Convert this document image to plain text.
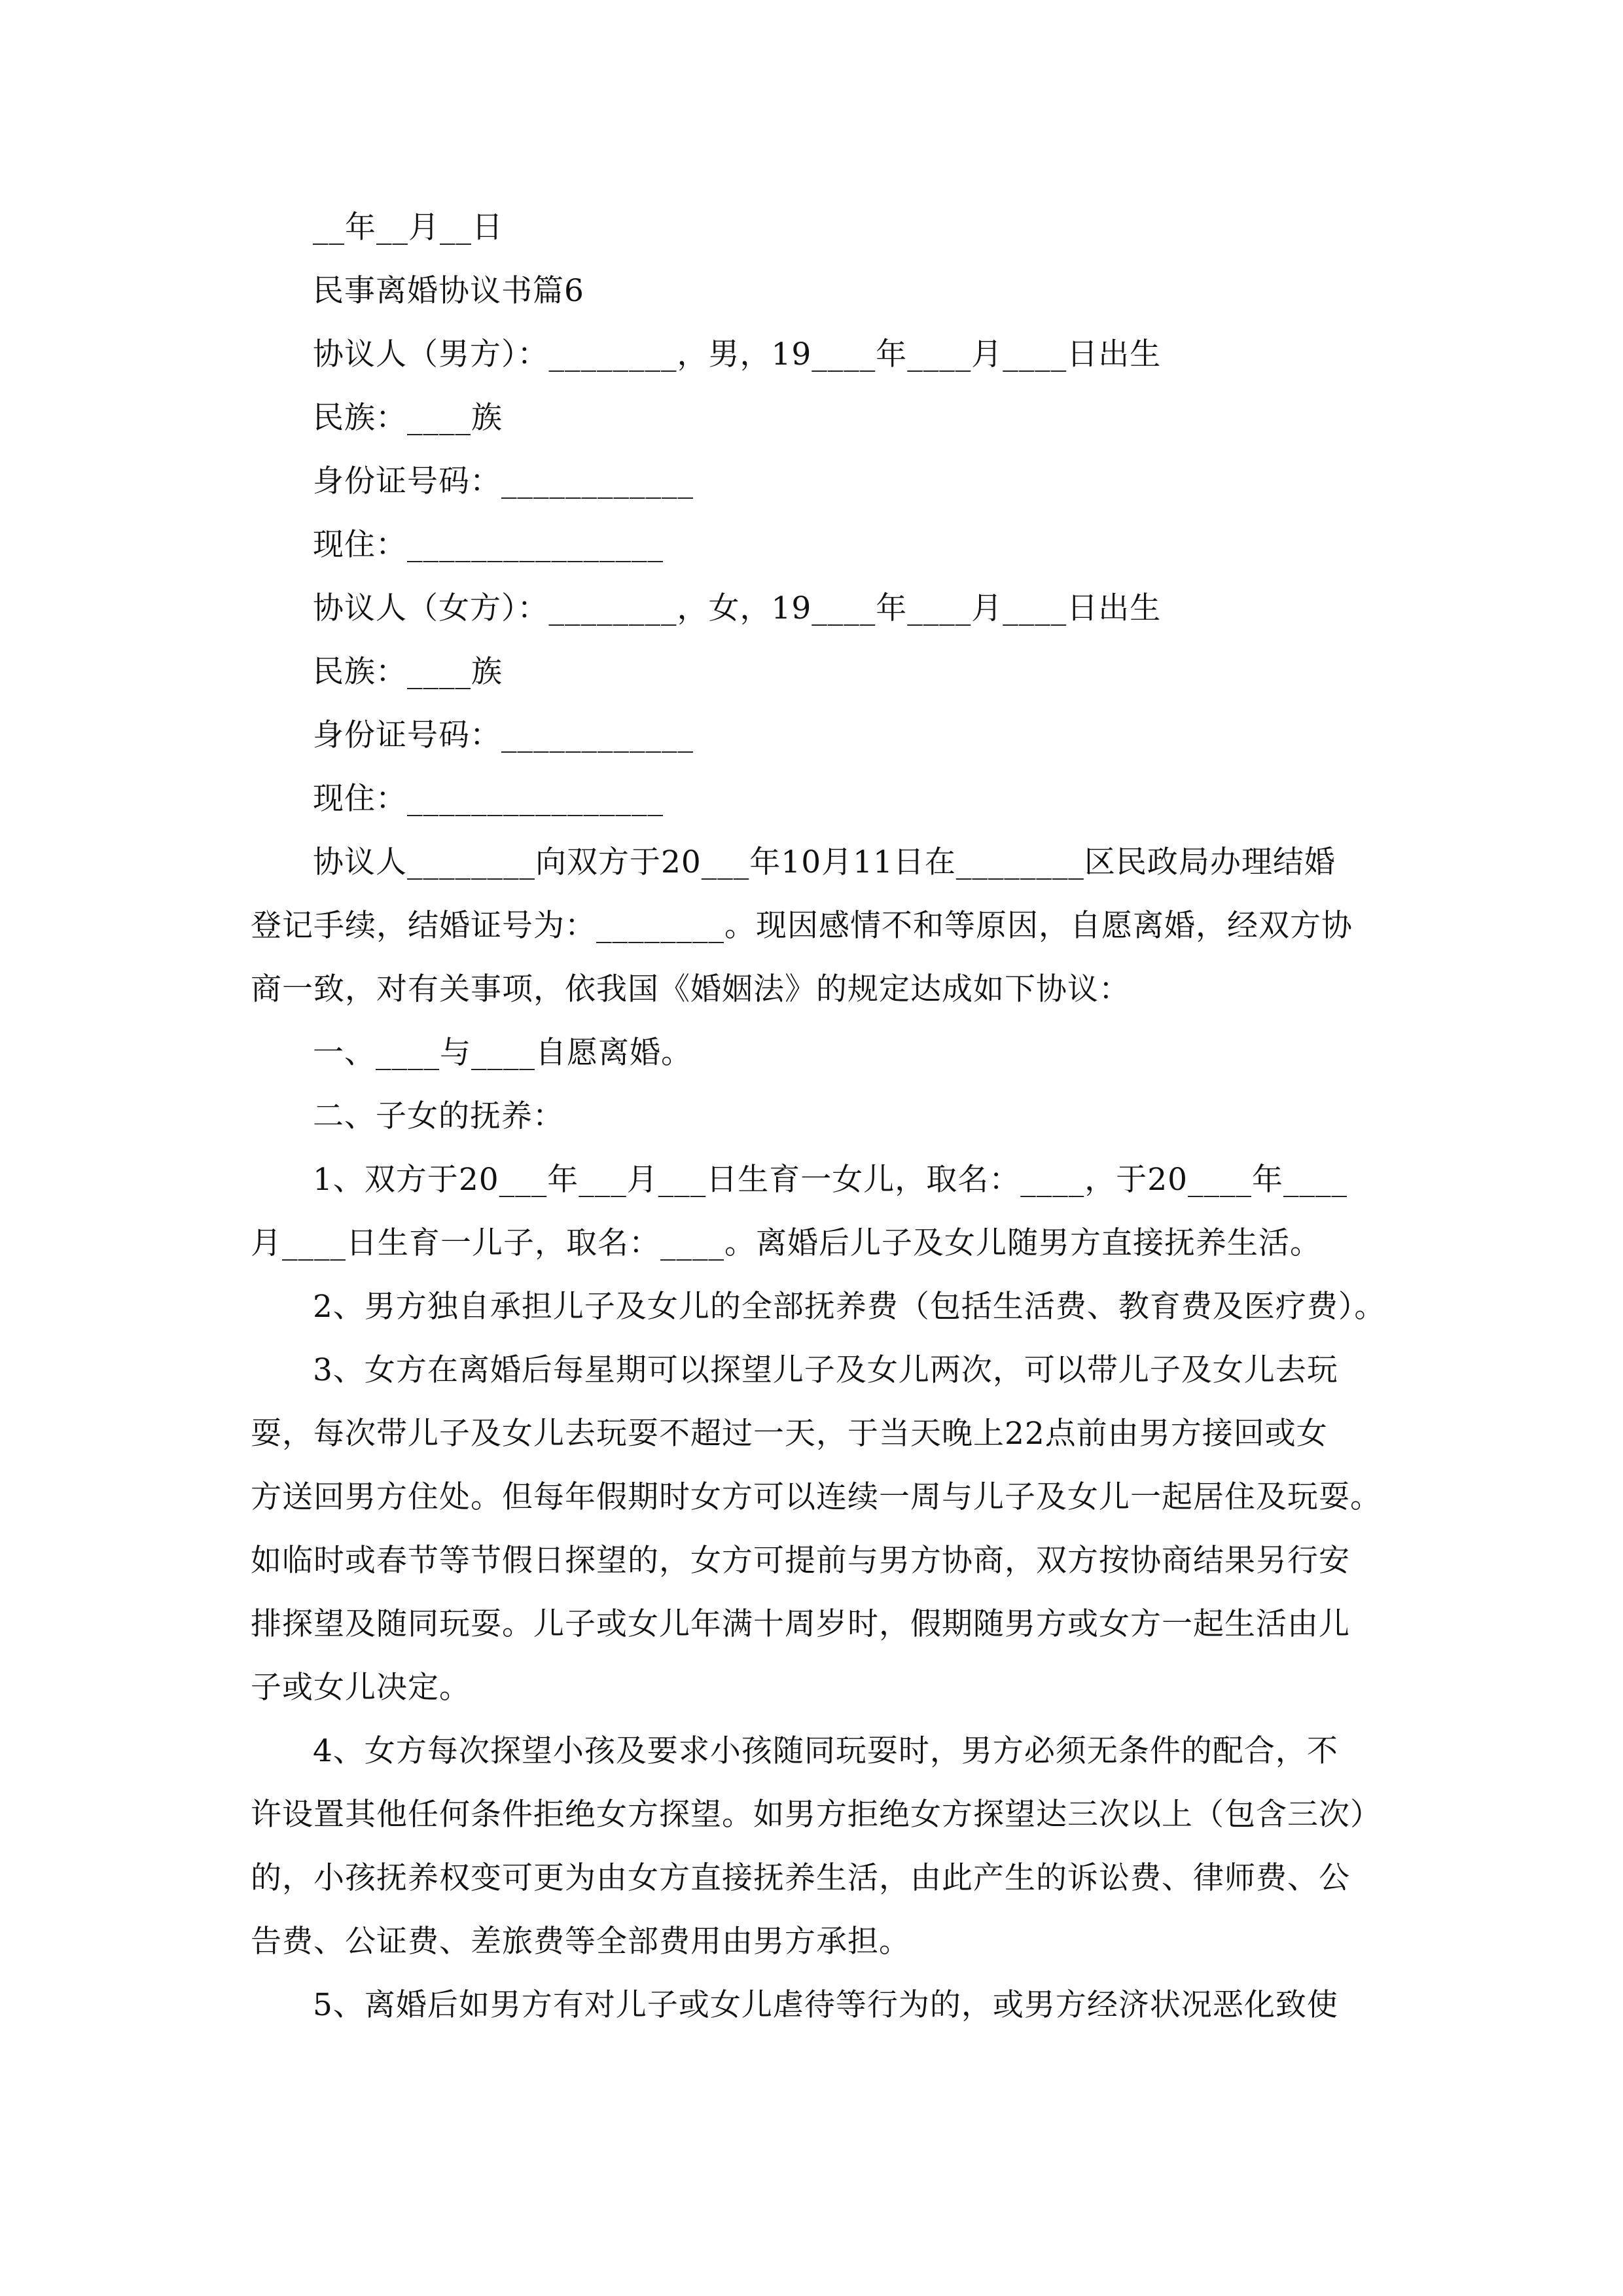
__年__月__日
民事离婚协议书篇6
协议人（男方）：________，男，19____年____月____日出生
民族：____族
身份证号码：____________
现住：________________
协议人（女方）：________，女，19____年____月____日出生
民族：____族
身份证号码：____________
现住：________________
协议人________向双方于20___年10月11日在________区民政局办理结婚
登记手续，结婚证号为：________。现因感情不和等原因，自愿离婚，经双方协
商一致，对有关事项，依我国《婚姻法》的规定达成如下协议：
一、____与____自愿离婚。
二、子女的抚养：
1、双方于20___年___月___日生育一女儿，取名：____，于20____年____
月____日生育一儿子，取名：____。离婚后儿子及女儿随男方直接抚养生活。
2、男方独自承担儿子及女儿的全部抚养费（包括生活费、教育费及医疗费）。
3、女方在离婚后每星期可以探望儿子及女儿两次，可以带儿子及女儿去玩
耍，每次带儿子及女儿去玩耍不超过一天，于当天晚上22点前由男方接回或女
方送回男方住处。但每年假期时女方可以连续一周与儿子及女儿一起居住及玩耍。
如临时或春节等节假日探望的，女方可提前与男方协商，双方按协商结果另行安
排探望及随同玩耍。儿子或女儿年满十周岁时，假期随男方或女方一起生活由儿
子或女儿决定。
4、女方每次探望小孩及要求小孩随同玩耍时，男方必须无条件的配合，不
许设置其他任何条件拒绝女方探望。如男方拒绝女方探望达三次以上（包含三次）
的，小孩抚养权变可更为由女方直接抚养生活，由此产生的诉讼费、律师费、公
告费、公证费、差旅费等全部费用由男方承担。
5、离婚后如男方有对儿子或女儿虐待等行为的，或男方经济状况恶化致使
